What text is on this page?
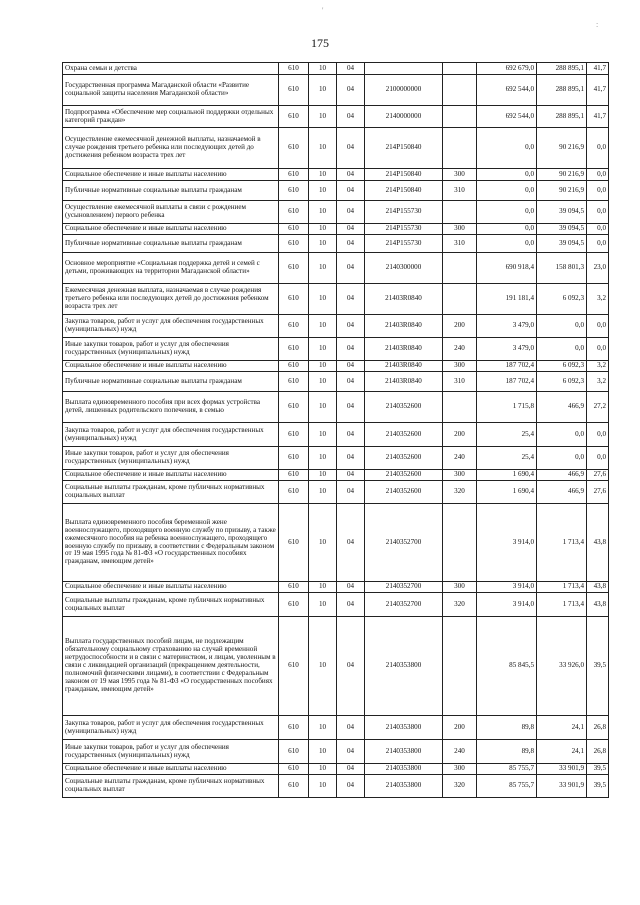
'
:
175
Охрана семьи и детства	610	10	04			692 679,0	288 895,1	41,7
Государственная программа Магаданской области «Развитие социальной защиты населения Магаданской области»	610	10	04	2100000000		692 544,0	288 895,1	41,7
Подпрограмма «Обеспечение мер социальной поддержки отдельных категорий граждан»	610	10	04	2140000000		692 544,0	288 895,1	41,7
Осуществление ежемесячной денежной выплаты, назначаемой в случае рождения третьего ребенка или последующих детей до достижения ребенком возраста трех лет	610	10	04	214P150840		0,0	90 216,9	0,0
Социальное обеспечение и иные выплаты населению	610	10	04	214P150840	300	0,0	90 216,9	0,0
Публичные нормативные социальные выплаты гражданам	610	10	04	214P150840	310	0,0	90 216,9	0,0
Осуществление ежемесячной выплаты в связи с рождением (усыновлением) первого ребенка	610	10	04	214P155730		0,0	39 094,5	0,0
Социальное обеспечение и иные выплаты населению	610	10	04	214P155730	300	0,0	39 094,5	0,0
Публичные нормативные социальные выплаты гражданам	610	10	04	214P155730	310	0,0	39 094,5	0,0
Основное мероприятие «Социальная поддержка детей и семей с детьми, проживающих на территории Магаданской области»	610	10	04	2140300000		690 918,4	158 801,3	23,0
Ежемесячная денежная выплата, назначаемая в случае рождения третьего ребенка или последующих детей до достижения ребенком возраста трех лет	610	10	04	21403R0840		191 181,4	6 092,3	3,2
Закупка товаров, работ и услуг для обеспечения государственных (муниципальных) нужд	610	10	04	21403R0840	200	3 479,0	0,0	0,0
Иные закупки товаров, работ и услуг для обеспечения государственных (муниципальных) нужд	610	10	04	21403R0840	240	3 479,0	0,0	0,0
Социальное обеспечение и иные выплаты населению	610	10	04	21403R0840	300	187 702,4	6 092,3	3,2
Публичные нормативные социальные выплаты гражданам	610	10	04	21403R0840	310	187 702,4	6 092,3	3,2
Выплата единовременного пособия при всех формах устройства детей, лишенных родительского попечения, в семью	610	10	04	2140352600		1 715,8	466,9	27,2
Закупка товаров, работ и услуг для обеспечения государственных (муниципальных) нужд	610	10	04	2140352600	200	25,4	0,0	0,0
Иные закупки товаров, работ и услуг для обеспечения государственных (муниципальных) нужд	610	10	04	2140352600	240	25,4	0,0	0,0
Социальное обеспечение и иные выплаты населению	610	10	04	2140352600	300	1 690,4	466,9	27,6
Социальные выплаты гражданам, кроме публичных нормативных социальных выплат	610	10	04	2140352600	320	1 690,4	466,9	27,6
Выплата единовременного пособия беременной жене военнослужащего, проходящего военную службу по призыву, а также ежемесячного пособия на ребенка военнослужащего, проходящего военную службу по призыву, в соответствии с Федеральным законом от 19 мая 1995 года № 81-ФЗ «О государственных пособиях гражданам, имеющим детей»	610	10	04	2140352700		3 914,0	1 713,4	43,8
Социальное обеспечение и иные выплаты населению	610	10	04	2140352700	300	3 914,0	1 713,4	43,8
Социальные выплаты гражданам, кроме публичных нормативных социальных выплат	610	10	04	2140352700	320	3 914,0	1 713,4	43,8
Выплата государственных пособий лицам, не подлежащим обязательному социальному страхованию на случай временной нетрудоспособности и в связи с материнством, и лицам, уволенным в связи с ликвидацией организаций (прекращением деятельности, полномочий физическими лицами), в соответствии с Федеральным законом от 19 мая 1995 года № 81-ФЗ «О государственных пособиях гражданам, имеющим детей»	610	10	04	2140353800		85 845,5	33 926,0	39,5
Закупка товаров, работ и услуг для обеспечения государственных (муниципальных) нужд	610	10	04	2140353800	200	89,8	24,1	26,8
Иные закупки товаров, работ и услуг для обеспечения государственных (муниципальных) нужд	610	10	04	2140353800	240	89,8	24,1	26,8
Социальное обеспечение и иные выплаты населению	610	10	04	2140353800	300	85 755,7	33 901,9	39,5
Социальные выплаты гражданам, кроме публичных нормативных социальных выплат	610	10	04	2140353800	320	85 755,7	33 901,9	39,5
